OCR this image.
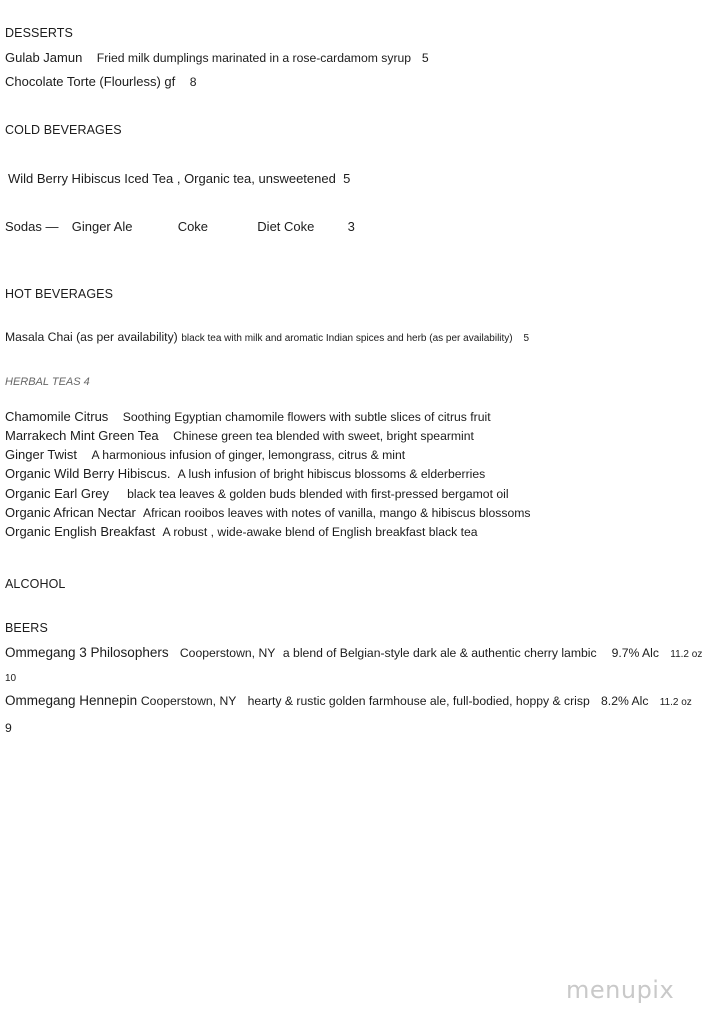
DESSERTS
Gulab Jamun Fried milk dumplings marinated in a rose-cardamom syrup 5
Chocolate Torte (Flourless) gf 8
COLD BEVERAGES
Wild Berry Hibiscus Iced Tea , Organic tea, unsweetened 5
Sodas — Ginger Ale	Coke	Diet Coke	3
HOT BEVERAGES
Masala Chai (as per availability) black tea with milk and aromatic Indian spices and herb (as per availability) 5
HERBAL TEAS 4
Chamomile Citrus Soothing Egyptian chamomile flowers with subtle slices of citrus fruit
Marrakech Mint Green Tea Chinese green tea blended with sweet, bright spearmint
Ginger Twist A harmonious infusion of ginger, lemongrass, citrus & mint
Organic Wild Berry Hibiscus. A lush infusion of bright hibiscus blossoms & elderberries
Organic Earl Grey black tea leaves & golden buds blended with first-pressed bergamot oil
Organic African Nectar African rooibos leaves with notes of vanilla, mango & hibiscus blossoms
Organic English Breakfast A robust , wide-awake blend of English breakfast black tea
ALCOHOL
BEERS
Ommegang 3 Philosophers Cooperstown, NY a blend of Belgian-style dark ale & authentic cherry lambic 9.7% Alc 11.2 oz
10
Ommegang Hennepin Cooperstown, NY hearty & rustic golden farmhouse ale, full-bodied, hoppy & crisp 8.2% Alc 11.2 oz
9
menupix
